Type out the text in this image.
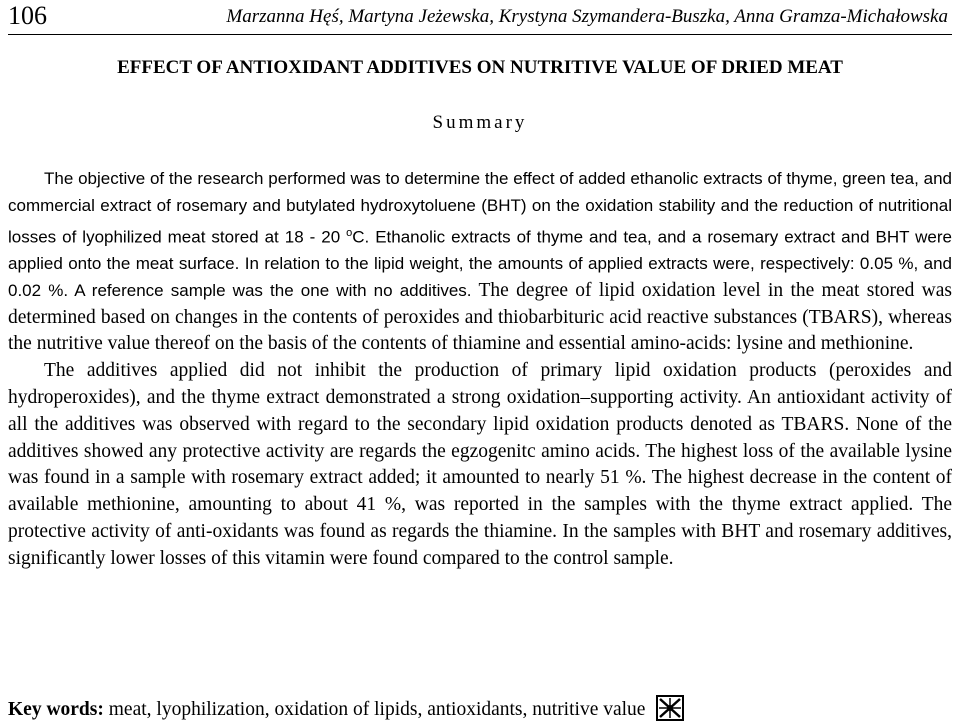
106	Marzanna Hęś, Martyna Jeżewska, Krystyna Szymandera-Buszka, Anna Gramza-Michałowska
EFFECT OF ANTIOXIDANT ADDITIVES ON NUTRITIVE VALUE OF DRIED MEAT
Summary

The objective of the research performed was to determine the effect of added ethanolic extracts of thyme, green tea, and commercial extract of rosemary and butylated hydroxytoluene (BHT) on the oxidation stability and the reduction of nutritional losses of lyophilized meat stored at 18 - 20 $^o$C. Ethanolic extracts of thyme and tea, and a rosemary extract and BHT were applied onto the meat surface. In relation to the lipid weight, the amounts of applied extracts were, respectively: 0.05 %, and 0.02 %. A reference sample was the one with no additives. The degree of lipid oxidation level in the meat stored was determined based on changes in the contents of peroxides and thiobarbituric acid reactive substances (TBARS), whereas the nutritive value thereof on the basis of the contents of thiamine and essential amino-acids: lysine and methionine.

The additives applied did not inhibit the production of primary lipid oxidation products (peroxides and hydroperoxides), and the thyme extract demonstrated a strong oxidation–supporting activity. An antioxidant activity of all the additives was observed with regard to the secondary lipid oxidation products denoted as TBARS. None of the additives showed any protective activity are regards the egzogenitc amino acids. The highest loss of the available lysine was found in a sample with rosemary extract added; it amounted to nearly 51 %. The highest decrease in the content of available methionine, amounting to about 41 %, was reported in the samples with the thyme extract applied. The protective activity of anti-oxidants was found as regards the thiamine. In the samples with BHT and rosemary additives, significantly lower losses of this vitamin were found compared to the control sample.

Key words: meat, lyophilization, oxidation of lipids, antioxidants, nutritive value
